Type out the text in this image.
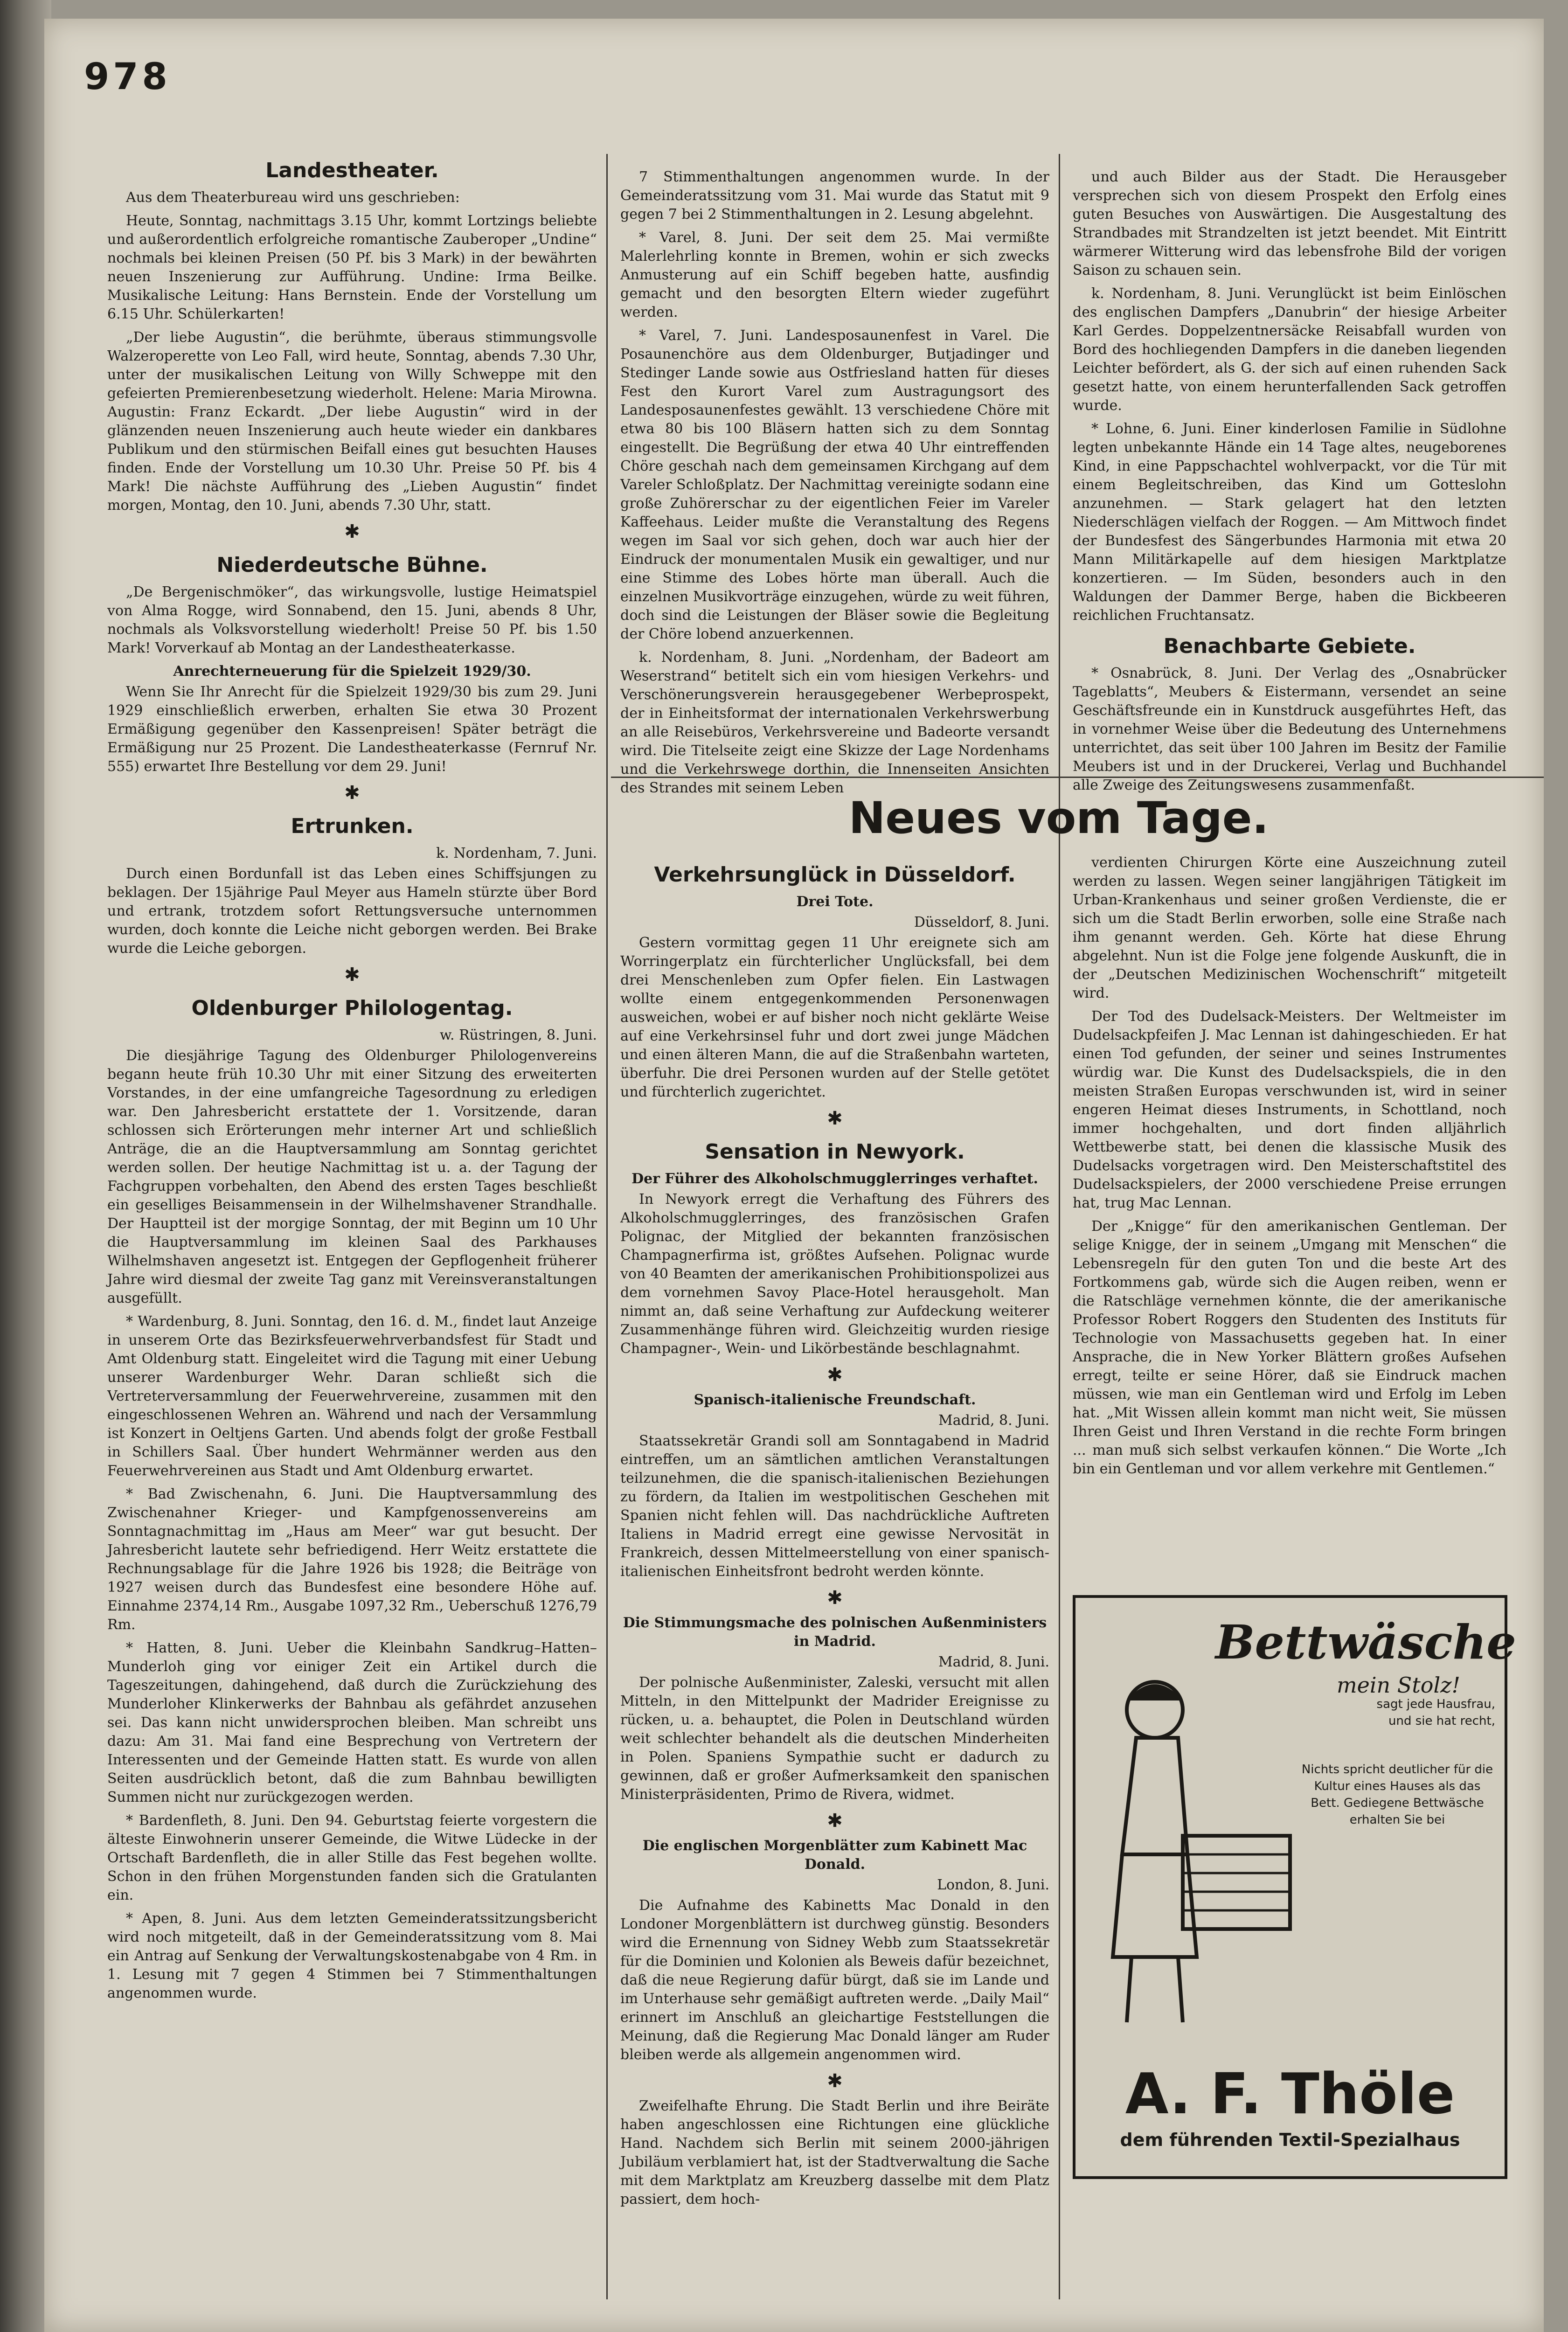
978
Landestheater.

Aus dem Theaterbureau wird uns geschrieben:

Heute, Sonntag, nachmittags 3.15 Uhr, kommt Lortzings beliebte und außerordentlich erfolgreiche romantische Zauberoper „Undine“ nochmals bei kleinen Preisen (50 Pf. bis 3 Mark) in der bewährten neuen Inszenierung zur Aufführung. Undine: Irma Beilke. Musikalische Leitung: Hans Bernstein. Ende der Vorstellung um 6.15 Uhr. Schülerkarten!

„Der liebe Augustin“, die berühmte, überaus stimmungsvolle Walzeroperette von Leo Fall, wird heute, Sonntag, abends 7.30 Uhr, unter der musikalischen Leitung von Willy Schweppe mit den gefeierten Premierenbesetzung wiederholt. Helene: Maria Mirowna. Augustin: Franz Eckardt. „Der liebe Augustin“ wird in der glänzenden neuen Inszenierung auch heute wieder ein dankbares Publikum und den stürmischen Beifall eines gut besuchten Hauses finden. Ende der Vorstellung um 10.30 Uhr. Preise 50 Pf. bis 4 Mark! Die nächste Aufführung des „Lieben Augustin“ findet morgen, Montag, den 10. Juni, abends 7.30 Uhr, statt.

✱
Niederdeutsche Bühne.

„De Bergenischmöker“, das wirkungsvolle, lustige Heimatspiel von Alma Rogge, wird Sonnabend, den 15. Juni, abends 8 Uhr, nochmals als Volksvorstellung wiederholt! Preise 50 Pf. bis 1.50 Mark! Vorverkauf ab Montag an der Landestheaterkasse.

Anrechterneuerung für die Spielzeit 1929/30.

Wenn Sie Ihr Anrecht für die Spielzeit 1929/30 bis zum 29. Juni 1929 einschließlich erwerben, erhalten Sie etwa 30 Prozent Ermäßigung gegenüber den Kassenpreisen! Später beträgt die Ermäßigung nur 25 Prozent. Die Landestheaterkasse (Fernruf Nr. 555) erwartet Ihre Bestellung vor dem 29. Juni!

✱
Ertrunken.
k. Nordenham, 7. Juni.

Durch einen Bordunfall ist das Leben eines Schiffsjungen zu beklagen. Der 15jährige Paul Meyer aus Hameln stürzte über Bord und ertrank, trotzdem sofort Rettungsversuche unternommen wurden, doch konnte die Leiche nicht geborgen werden. Bei Brake wurde die Leiche geborgen.

✱
Oldenburger Philologentag.
w. Rüstringen, 8. Juni.

Die diesjährige Tagung des Oldenburger Philologenvereins begann heute früh 10.30 Uhr mit einer Sitzung des erweiterten Vorstandes, in der eine umfangreiche Tagesordnung zu erledigen war. Den Jahresbericht erstattete der 1. Vorsitzende, daran schlossen sich Erörterungen mehr interner Art und schließlich Anträge, die an die Hauptversammlung am Sonntag gerichtet werden sollen. Der heutige Nachmittag ist u. a. der Tagung der Fachgruppen vorbehalten, den Abend des ersten Tages beschließt ein geselliges Beisammensein in der Wilhelmshavener Strandhalle. Der Hauptteil ist der morgige Sonntag, der mit Beginn um 10 Uhr die Hauptversammlung im kleinen Saal des Parkhauses Wilhelmshaven angesetzt ist. Entgegen der Gepflogenheit früherer Jahre wird diesmal der zweite Tag ganz mit Vereinsveranstaltungen ausgefüllt.

* Wardenburg, 8. Juni. Sonntag, den 16. d. M., findet laut Anzeige in unserem Orte das Bezirksfeuerwehrverbandsfest für Stadt und Amt Oldenburg statt. Eingeleitet wird die Tagung mit einer Uebung unserer Wardenburger Wehr. Daran schließt sich die Vertreterversammlung der Feuerwehrvereine, zusammen mit den eingeschlossenen Wehren an. Während und nach der Versammlung ist Konzert in Oeltjens Garten. Und abends folgt der große Festball in Schillers Saal. Über hundert Wehrmänner werden aus den Feuerwehrvereinen aus Stadt und Amt Oldenburg erwartet.

* Bad Zwischenahn, 6. Juni. Die Hauptversammlung des Zwischenahner Krieger- und Kampfgenossenvereins am Sonntagnachmittag im „Haus am Meer“ war gut besucht. Der Jahresbericht lautete sehr befriedigend. Herr Weitz erstattete die Rechnungsablage für die Jahre 1926 bis 1928; die Beiträge von 1927 weisen durch das Bundesfest eine besondere Höhe auf. Einnahme 2374,14 Rm., Ausgabe 1097,32 Rm., Ueberschuß 1276,79 Rm.

* Hatten, 8. Juni. Ueber die Kleinbahn Sandkrug–Hatten–Munderloh ging vor einiger Zeit ein Artikel durch die Tageszeitungen, dahingehend, daß durch die Zurückziehung des Munderloher Klinkerwerks der Bahnbau als gefährdet anzusehen sei. Das kann nicht unwidersprochen bleiben. Man schreibt uns dazu: Am 31. Mai fand eine Besprechung von Vertretern der Interessenten und der Gemeinde Hatten statt. Es wurde von allen Seiten ausdrücklich betont, daß die zum Bahnbau bewilligten Summen nicht nur zurückgezogen werden.

* Bardenfleth, 8. Juni. Den 94. Geburtstag feierte vorgestern die älteste Einwohnerin unserer Gemeinde, die Witwe Lüdecke in der Ortschaft Bardenfleth, die in aller Stille das Fest begehen wollte. Schon in den frühen Morgenstunden fanden sich die Gratulanten ein.

* Apen, 8. Juni. Aus dem letzten Gemeinderatssitzungsbericht wird noch mitgeteilt, daß in der Gemeinderatssitzung vom 8. Mai ein Antrag auf Senkung der Verwaltungskostenabgabe von 4 Rm. in 1. Lesung mit 7 gegen 4 Stimmen bei 7 Stimmenthaltungen angenommen wurde.

7 Stimmenthaltungen angenommen wurde. In der Gemeinderatssitzung vom 31. Mai wurde das Statut mit 9 gegen 7 bei 2 Stimmenthaltungen in 2. Lesung abgelehnt.

* Varel, 8. Juni. Der seit dem 25. Mai vermißte Malerlehrling konnte in Bremen, wohin er sich zwecks Anmusterung auf ein Schiff begeben hatte, ausfindig gemacht und den besorgten Eltern wieder zugeführt werden.

* Varel, 7. Juni. Landesposaunenfest in Varel. Die Posaunenchöre aus dem Oldenburger, Butjadinger und Stedinger Lande sowie aus Ostfriesland hatten für dieses Fest den Kurort Varel zum Austragungsort des Landesposaunenfestes gewählt. 13 verschiedene Chöre mit etwa 80 bis 100 Bläsern hatten sich zu dem Sonntag eingestellt. Die Begrüßung der etwa 40 Uhr eintreffenden Chöre geschah nach dem gemeinsamen Kirchgang auf dem Vareler Schloßplatz. Der Nachmittag vereinigte sodann eine große Zuhörerschar zu der eigentlichen Feier im Vareler Kaffeehaus. Leider mußte die Veranstaltung des Regens wegen im Saal vor sich gehen, doch war auch hier der Eindruck der monumentalen Musik ein gewaltiger, und nur eine Stimme des Lobes hörte man überall. Auch die einzelnen Musikvorträge einzugehen, würde zu weit führen, doch sind die Leistungen der Bläser sowie die Begleitung der Chöre lobend anzuerkennen.

k. Nordenham, 8. Juni. „Nordenham, der Badeort am Weserstrand“ betitelt sich ein vom hiesigen Verkehrs- und Verschönerungsverein herausgegebener Werbeprospekt, der in Einheitsformat der internationalen Verkehrswerbung an alle Reisebüros, Verkehrsvereine und Badeorte versandt wird. Die Titelseite zeigt eine Skizze der Lage Nordenhams und die Verkehrswege dorthin, die Innenseiten Ansichten des Strandes mit seinem Leben

und auch Bilder aus der Stadt. Die Herausgeber versprechen sich von diesem Prospekt den Erfolg eines guten Besuches von Auswärtigen. Die Ausgestaltung des Strandbades mit Strandzelten ist jetzt beendet. Mit Eintritt wärmerer Witterung wird das lebensfrohe Bild der vorigen Saison zu schauen sein.

k. Nordenham, 8. Juni. Verunglückt ist beim Einlöschen des englischen Dampfers „Danubrin“ der hiesige Arbeiter Karl Gerdes. Doppelzentnersäcke Reisabfall wurden von Bord des hochliegenden Dampfers in die daneben liegenden Leichter befördert, als G. der sich auf einen ruhenden Sack gesetzt hatte, von einem herunterfallenden Sack getroffen wurde.

* Lohne, 6. Juni. Einer kinderlosen Familie in Südlohne legten unbekannte Hände ein 14 Tage altes, neugeborenes Kind, in eine Pappschachtel wohlverpackt, vor die Tür mit einem Begleitschreiben, das Kind um Gotteslohn anzunehmen. — Stark gelagert hat den letzten Niederschlägen vielfach der Roggen. — Am Mittwoch findet der Bundesfest des Sängerbundes Harmonia mit etwa 20 Mann Militärkapelle auf dem hiesigen Marktplatze konzertieren. — Im Süden, besonders auch in den Waldungen der Dammer Berge, haben die Bickbeeren reichlichen Fruchtansatz.

Benachbarte Gebiete.

* Osnabrück, 8. Juni. Der Verlag des „Osnabrücker Tageblatts“, Meubers & Eistermann, versendet an seine Geschäftsfreunde ein in Kunstdruck ausgeführtes Heft, das in vornehmer Weise über die Bedeutung des Unternehmens unterrichtet, das seit über 100 Jahren im Besitz der Familie Meubers ist und in der Druckerei, Verlag und Buchhandel alle Zweige des Zeitungswesens zusammenfaßt.

Neues vom Tage.
Verkehrsunglück in Düsseldorf.
Drei Tote.
Düsseldorf, 8. Juni.

Gestern vormittag gegen 11 Uhr ereignete sich am Worringerplatz ein fürchterlicher Unglücksfall, bei dem drei Menschenleben zum Opfer fielen. Ein Lastwagen wollte einem entgegenkommenden Personenwagen ausweichen, wobei er auf bisher noch nicht geklärte Weise auf eine Verkehrsinsel fuhr und dort zwei junge Mädchen und einen älteren Mann, die auf die Straßenbahn warteten, überfuhr. Die drei Personen wurden auf der Stelle getötet und fürchterlich zugerichtet.

✱
Sensation in Newyork.
Der Führer des Alkoholschmugglerringes verhaftet.

In Newyork erregt die Verhaftung des Führers des Alkoholschmugglerringes, des französischen Grafen Polignac, der Mitglied der bekannten französischen Champagnerfirma ist, größtes Aufsehen. Polignac wurde von 40 Beamten der amerikanischen Prohibitionspolizei aus dem vornehmen Savoy Place-Hotel herausgeholt. Man nimmt an, daß seine Verhaftung zur Aufdeckung weiterer Zusammenhänge führen wird. Gleichzeitig wurden riesige Champagner-, Wein- und Likörbestände beschlagnahmt.

✱
Spanisch-italienische Freundschaft.
Madrid, 8. Juni.

Staatssekretär Grandi soll am Sonntagabend in Madrid eintreffen, um an sämtlichen amtlichen Veranstaltungen teilzunehmen, die die spanisch-italienischen Beziehungen zu fördern, da Italien im westpolitischen Geschehen mit Spanien nicht fehlen will. Das nachdrückliche Auftreten Italiens in Madrid erregt eine gewisse Nervosität in Frankreich, dessen Mittelmeerstellung von einer spanisch-italienischen Einheitsfront bedroht werden könnte.

✱
Die Stimmungsmache des polnischen Außenministers in Madrid.
Madrid, 8. Juni.

Der polnische Außenminister, Zaleski, versucht mit allen Mitteln, in den Mittelpunkt der Madrider Ereignisse zu rücken, u. a. behauptet, die Polen in Deutschland würden weit schlechter behandelt als die deutschen Minderheiten in Polen. Spaniens Sympathie sucht er dadurch zu gewinnen, daß er großer Aufmerksamkeit den spanischen Ministerpräsidenten, Primo de Rivera, widmet.

✱
Die englischen Morgenblätter zum Kabinett Mac Donald.
London, 8. Juni.

Die Aufnahme des Kabinetts Mac Donald in den Londoner Morgenblättern ist durchweg günstig. Besonders wird die Ernennung von Sidney Webb zum Staatssekretär für die Dominien und Kolonien als Beweis dafür bezeichnet, daß die neue Regierung dafür bürgt, daß sie im Lande und im Unterhause sehr gemäßigt auftreten werde. „Daily Mail“ erinnert im Anschluß an gleichartige Feststellungen die Meinung, daß die Regierung Mac Donald länger am Ruder bleiben werde als allgemein angenommen wird.

✱

Zweifelhafte Ehrung. Die Stadt Berlin und ihre Beiräte haben angeschlossen eine Richtungen eine glückliche Hand. Nachdem sich Berlin mit seinem 2000-jährigen Jubiläum verblamiert hat, ist der Stadtverwaltung die Sache mit dem Marktplatz am Kreuzberg dasselbe mit dem Platz passiert, dem hoch-

verdienten Chirurgen Körte eine Auszeichnung zuteil werden zu lassen. Wegen seiner langjährigen Tätigkeit im Urban-Krankenhaus und seiner großen Verdienste, die er sich um die Stadt Berlin erworben, solle eine Straße nach ihm genannt werden. Geh. Körte hat diese Ehrung abgelehnt. Nun ist die Folge jene folgende Auskunft, die in der „Deutschen Medizinischen Wochenschrift“ mitgeteilt wird.

Der Tod des Dudelsack-Meisters. Der Weltmeister im Dudelsackpfeifen J. Mac Lennan ist dahingeschieden. Er hat einen Tod gefunden, der seiner und seines Instrumentes würdig war. Die Kunst des Dudelsackspiels, die in den meisten Straßen Europas verschwunden ist, wird in seiner engeren Heimat dieses Instruments, in Schottland, noch immer hochgehalten, und dort finden alljährlich Wettbewerbe statt, bei denen die klassische Musik des Dudelsacks vorgetragen wird. Den Meisterschaftstitel des Dudelsackspielers, der 2000 verschiedene Preise errungen hat, trug Mac Lennan.

Der „Knigge“ für den amerikanischen Gentleman. Der selige Knigge, der in seinem „Umgang mit Menschen“ die Lebensregeln für den guten Ton und die beste Art des Fortkommens gab, würde sich die Augen reiben, wenn er die Ratschläge vernehmen könnte, die der amerikanische Professor Robert Roggers den Studenten des Instituts für Technologie von Massachusetts gegeben hat. In einer Ansprache, die in New Yorker Blättern großes Aufsehen erregt, teilte er seine Hörer, daß sie Eindruck machen müssen, wie man ein Gentleman wird und Erfolg im Leben hat. „Mit Wissen allein kommt man nicht weit, Sie müssen Ihren Geist und Ihren Verstand in die rechte Form bringen ... man muß sich selbst verkaufen können.“ Die Worte „Ich bin ein Gentleman und vor allem verkehre mit Gentlemen.“

Bettwäsche
mein Stolz!
sagt jede Hausfrau, und sie hat recht,
Nichts spricht deutlicher für die Kultur eines Hauses als das Bett. Gediegene Bettwäsche erhalten Sie bei
A. F. Thöle
dem führenden Textil-Spezialhaus
